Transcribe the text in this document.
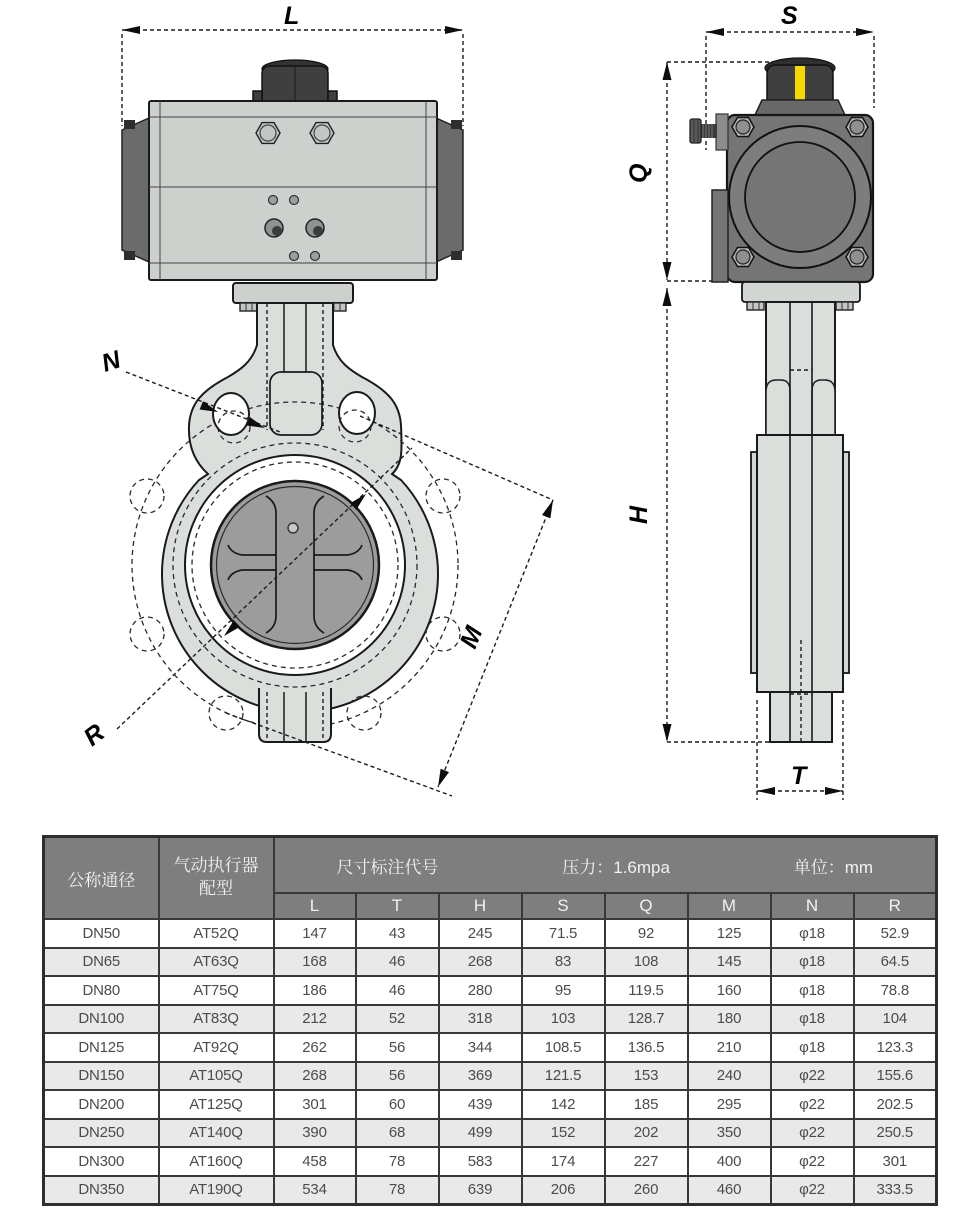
L
N
R
M
S
Q
H
T
公称通径	
气动执行器
配型

尺寸标注代号	压力：1.6mpa	单位：mm

		L	T	H	S	Q	M	N	R
DN50	AT52Q	147	43	245	71.5	92	125	φ18	52.9
DN65	AT63Q	168	46	268	83	108	145	φ18	64.5
DN80	AT75Q	186	46	280	95	119.5	160	φ18	78.8
DN100	AT83Q	212	52	318	103	128.7	180	φ18	104
DN125	AT92Q	262	56	344	108.5	136.5	210	φ18	123.3
DN150	AT105Q	268	56	369	121.5	153	240	φ22	155.6
DN200	AT125Q	301	60	439	142	185	295	φ22	202.5
DN250	AT140Q	390	68	499	152	202	350	φ22	250.5
DN300	AT160Q	458	78	583	174	227	400	φ22	301
DN350	AT190Q	534	78	639	206	260	460	φ22	333.5
